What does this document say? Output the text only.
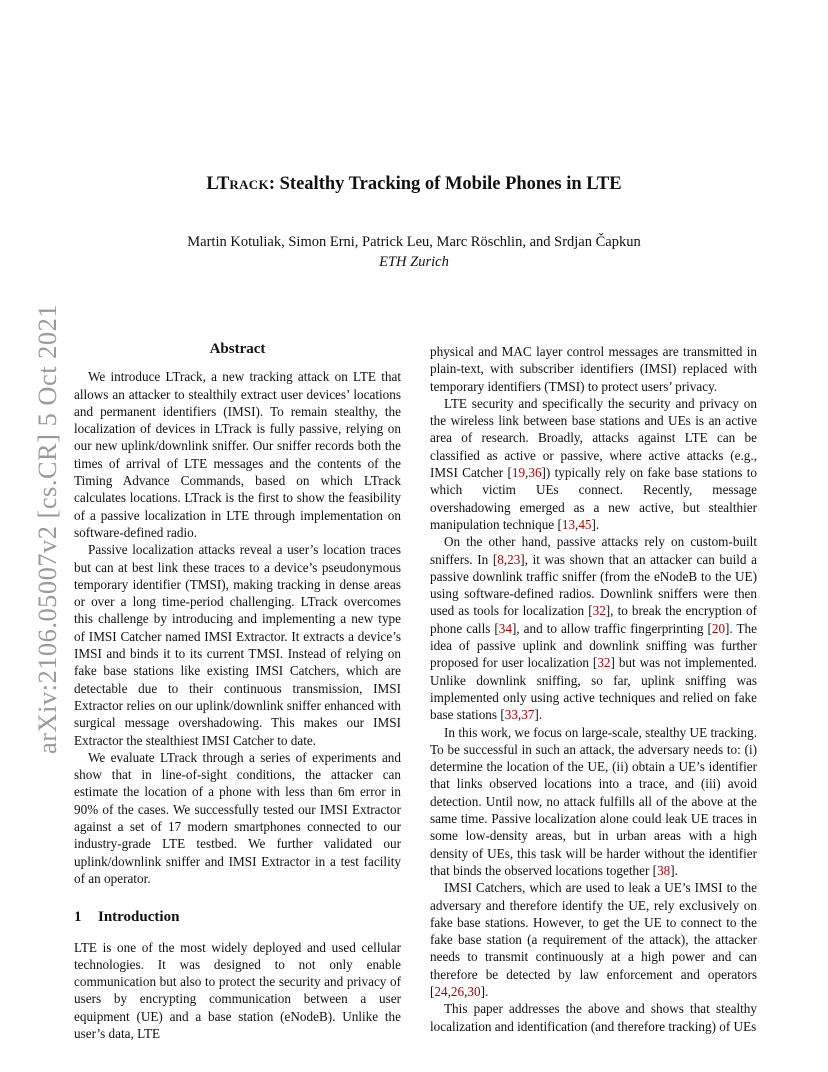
arXiv:2106.05007v2 [cs.CR] 5 Oct 2021
LTRACK: Stealthy Tracking of Mobile Phones in LTE
Martin Kotuliak, Simon Erni, Patrick Leu, Marc Röschlin, and Srdjan Čapkun
ETH Zurich
Abstract

We introduce LTrack, a new tracking attack on LTE that allows an attacker to stealthily extract user devices’ locations and permanent identifiers (IMSI). To remain stealthy, the localization of devices in LTrack is fully passive, relying on our new uplink/downlink sniffer. Our sniffer records both the times of arrival of LTE messages and the contents of the Timing Advance Commands, based on which LTrack calculates locations. LTrack is the first to show the feasibility of a passive localization in LTE through implementation on software-defined radio.

Passive localization attacks reveal a user’s location traces but can at best link these traces to a device’s pseudonymous temporary identifier (TMSI), making tracking in dense areas or over a long time-period challenging. LTrack overcomes this challenge by introducing and implementing a new type of IMSI Catcher named IMSI Extractor. It extracts a device’s IMSI and binds it to its current TMSI. Instead of relying on fake base stations like existing IMSI Catchers, which are detectable due to their continuous transmission, IMSI Extractor relies on our uplink/downlink sniffer enhanced with surgical message overshadowing. This makes our IMSI Extractor the stealthiest IMSI Catcher to date.

We evaluate LTrack through a series of experiments and show that in line-of-sight conditions, the attacker can estimate the location of a phone with less than 6m error in 90% of the cases. We successfully tested our IMSI Extractor against a set of 17 modern smartphones connected to our industry-grade LTE testbed. We further validated our uplink/downlink sniffer and IMSI Extractor in a test facility of an operator.

1 Introduction

LTE is one of the most widely deployed and used cellular technologies. It was designed to not only enable communication but also to protect the security and privacy of users by encrypting communication between a user equipment (UE) and a base station (eNodeB). Unlike the user’s data, LTE

physical and MAC layer control messages are transmitted in plain-text, with subscriber identifiers (IMSI) replaced with temporary identifiers (TMSI) to protect users’ privacy.

LTE security and specifically the security and privacy on the wireless link between base stations and UEs is an active area of research. Broadly, attacks against LTE can be classified as active or passive, where active attacks (e.g., IMSI Catcher [19,36]) typically rely on fake base stations to which victim UEs connect. Recently, message overshadowing emerged as a new active, but stealthier manipulation technique [13,45].

On the other hand, passive attacks rely on custom-built sniffers. In [8,23], it was shown that an attacker can build a passive downlink traffic sniffer (from the eNodeB to the UE) using software-defined radios. Downlink sniffers were then used as tools for localization [32], to break the encryption of phone calls [34], and to allow traffic fingerprinting [20]. The idea of passive uplink and downlink sniffing was further proposed for user localization [32] but was not implemented. Unlike downlink sniffing, so far, uplink sniffing was implemented only using active techniques and relied on fake base stations [33,37].

In this work, we focus on large-scale, stealthy UE tracking. To be successful in such an attack, the adversary needs to: (i) determine the location of the UE, (ii) obtain a UE’s identifier that links observed locations into a trace, and (iii) avoid detection. Until now, no attack fulfills all of the above at the same time. Passive localization alone could leak UE traces in some low-density areas, but in urban areas with a high density of UEs, this task will be harder without the identifier that binds the observed locations together [38].

IMSI Catchers, which are used to leak a UE’s IMSI to the adversary and therefore identify the UE, rely exclusively on fake base stations. However, to get the UE to connect to the fake base station (a requirement of the attack), the attacker needs to transmit continuously at a high power and can therefore be detected by law enforcement and operators [24,26,30].

This paper addresses the above and shows that stealthy localization and identification (and therefore tracking) of UEs
